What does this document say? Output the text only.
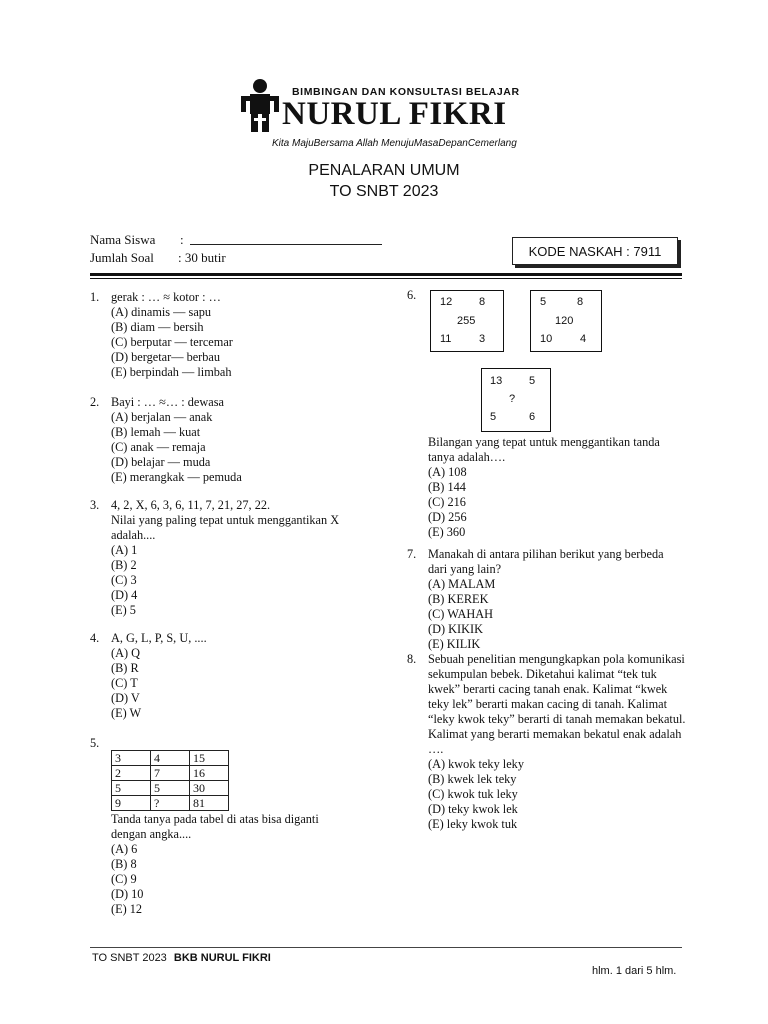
BIMBINGAN DAN KONSULTASI BELAJAR
NURUL FIKRI
Kita MajuBersama Allah MenujuMasaDepanCemerlang
PENALARAN UMUM
TO SNBT 2023
Nama Siswa :
Jumlah Soal : 30 butir	KODE NASKAH : 7911
1. gerak : … ≈ kotor : …
(A) dinamis — sapu
(B) diam — bersih
(C) berputar — tercemar
(D) bergetar— berbau
(E) berpindah — limbah
2. Bayi : … ≈… : dewasa
(A) berjalan — anak
(B) lemah — kuat
(C) anak — remaja
(D) belajar — muda
(E) merangkak — pemuda
3. 4, 2, X, 6, 3, 6, 11, 7, 21, 27, 22.
Nilai yang paling tepat untuk menggantikan X
adalah....
(A) 1
(B) 2
(C) 3
(D) 4
(E) 5
4. A, G, L, P, S, U, ....
(A) Q
(B) R
(C) T
(D) V
(E) W
5.
3	4	15
2	7	16
5	5	30
9	?	81
Tanda tanya pada tabel di atas bisa diganti
dengan angka....
(A) 6
(B) 8
(C) 9
(D) 10
(E) 12
6. 12 8
255
11	3
5	8
120
10	4
13 5
?
5	6
Bilangan yang tepat untuk menggantikan tanda
tanya adalah….
(A) 108
(B) 144
(C) 216
(D) 256
(E) 360
7. Manakah di antara pilihan berikut yang berbeda
dari yang lain?
(A) MALAM
(B) KEREK
(C) WAHAH
(D) KIKIK
(E) KILIK
8. Sebuah penelitian mengungkapkan pola komunikasi
sekumpulan bebek. Diketahui kalimat “tek tuk
kwek” berarti cacing tanah enak. Kalimat “kwek
teky lek” berarti makan cacing di tanah. Kalimat
“leky kwok teky” berarti di tanah memakan bekatul.
Kalimat yang berarti memakan bekatul enak adalah
….
(A) kwok teky leky
(B) kwek lek teky
(C) kwok tuk leky
(D) teky kwok lek
(E) leky kwok tuk
TO SNBT 2023 BKB NURUL FIKRI
hlm. 1 dari 5 hlm.
